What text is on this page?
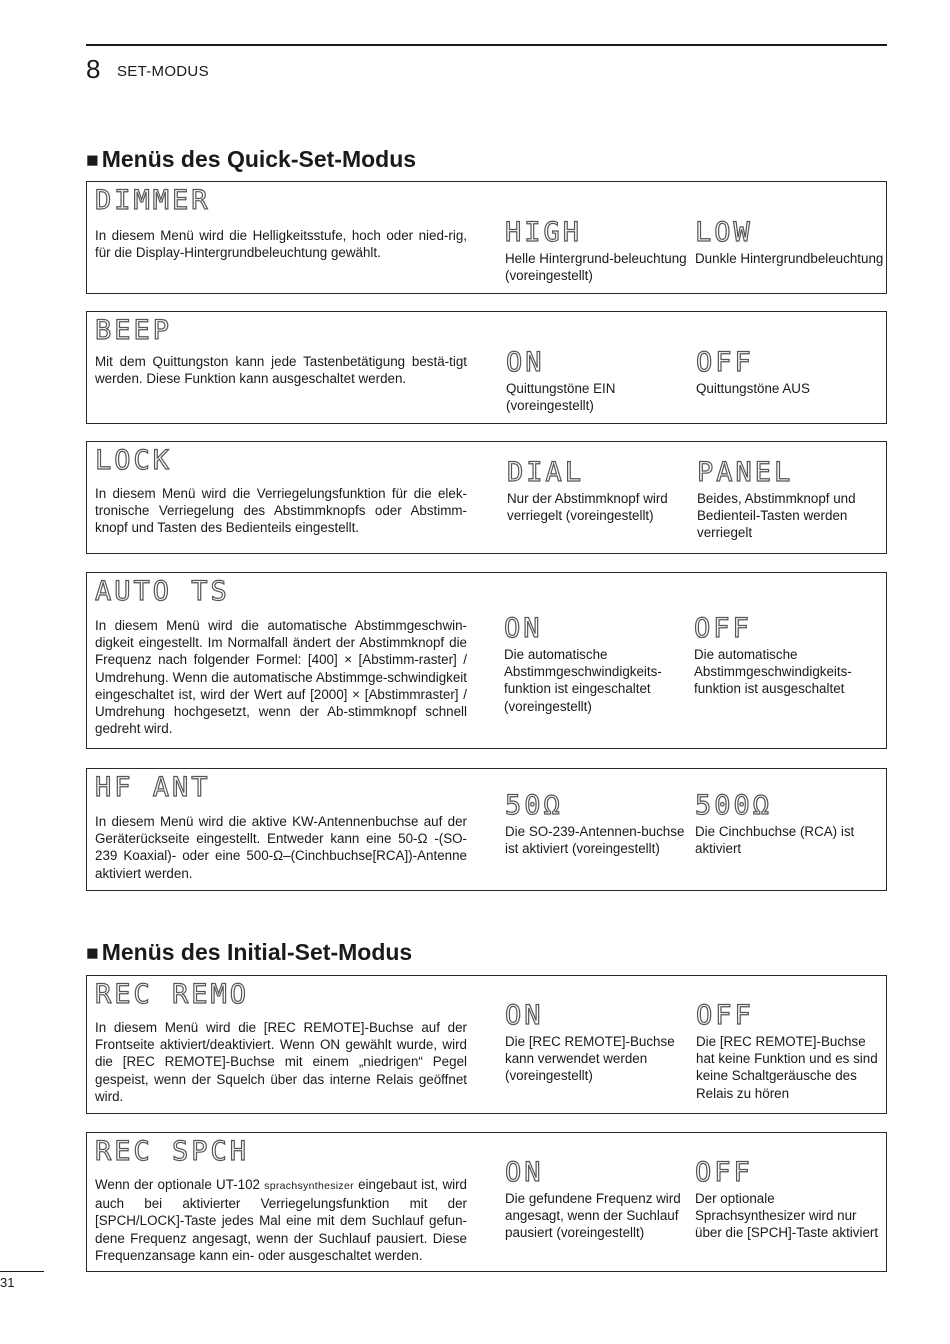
8 SET-MODUS
■ Menüs des Quick-Set-Modus
DIMMER
In diesem Menü wird die Helligkeitsstufe, hoch oder nied-rig, für die Display-Hintergrundbeleuchtung gewählt.
HIGH
Helle Hintergrund-beleuchtung (voreingestellt)
LOW
Dunkle Hintergrundbeleuchtung
BEEP
Mit dem Quittungston kann jede Tastenbetätigung bestä-tigt werden. Diese Funktion kann ausgeschaltet werden.
ON
Quittungstöne EIN (voreingestellt)
OFF
Quittungstöne AUS
LOCK
In diesem Menü wird die Verriegelungsfunktion für die elek-tronische Verriegelung des Abstimmknopfs oder Abstimm-knopf und Tasten des Bedienteils eingestellt.
DIAL
Nur der Abstimmknopf wird verriegelt (voreingestellt)
PANEL
Beides, Abstimmknopf und Bedienteil-Tasten werden verriegelt
AUTO TS
In diesem Menü wird die automatische Abstimmgeschwin-digkeit eingestellt. Im Normalfall ändert der Abstimmknopf die Frequenz nach folgender Formel: [400] × [Abstimm-raster] / Umdrehung. Wenn die automatische Abstimmge-schwindigkeit eingeschaltet ist, wird der Wert auf [2000] × [Abstimmraster] / Umdrehung hochgesetzt, wenn der Ab-stimmknopf schnell gedreht wird.
ON
Die automatische Abstimmgeschwindigkeits-funktion ist eingeschaltet (voreingestellt)
OFF
Die automatische Abstimmgeschwindigkeits-funktion ist ausgeschaltet
HF ANT
In diesem Menü wird die aktive KW-Antennenbuchse auf der Geräterückseite eingestellt. Entweder kann eine 50-Ω -(SO-239 Koaxial)- oder eine 500-Ω–(Cinchbuchse[RCA])-Antenne aktiviert werden.
50Ω
Die SO-239-Antennen-buchse ist aktiviert (voreingestellt)
500Ω
Die Cinchbuchse (RCA) ist aktiviert
■ Menüs des Initial-Set-Modus
REC REMO
In diesem Menü wird die [REC REMOTE]-Buchse auf der Frontseite aktiviert/deaktiviert. Wenn ON gewählt wurde, wird die [REC REMOTE]-Buchse mit einem „niedrigen“ Pegel gespeist, wenn der Squelch über das interne Relais geöffnet wird.
ON
Die [REC REMOTE]-Buchse kann verwendet werden (voreingestellt)
OFF
Die [REC REMOTE]-Buchse hat keine Funktion und es sind keine Schaltgeräusche des Relais zu hören
REC SPCH
Wenn der optionale UT-102 sprachsynthesizer eingebaut ist, wird auch bei aktivierter Verriegelungsfunktion mit der [SPCH/LOCK]-Taste jedes Mal eine mit dem Suchlauf gefun-dene Frequenz angesagt, wenn der Suchlauf pausiert. Diese Frequenzansage kann ein- oder ausgeschaltet werden.
ON
Die gefundene Frequenz wird angesagt, wenn der Suchlauf pausiert (voreingestellt)
OFF
Der optionale Sprachsynthesizer wird nur über die [SPCH]-Taste aktiviert
31
